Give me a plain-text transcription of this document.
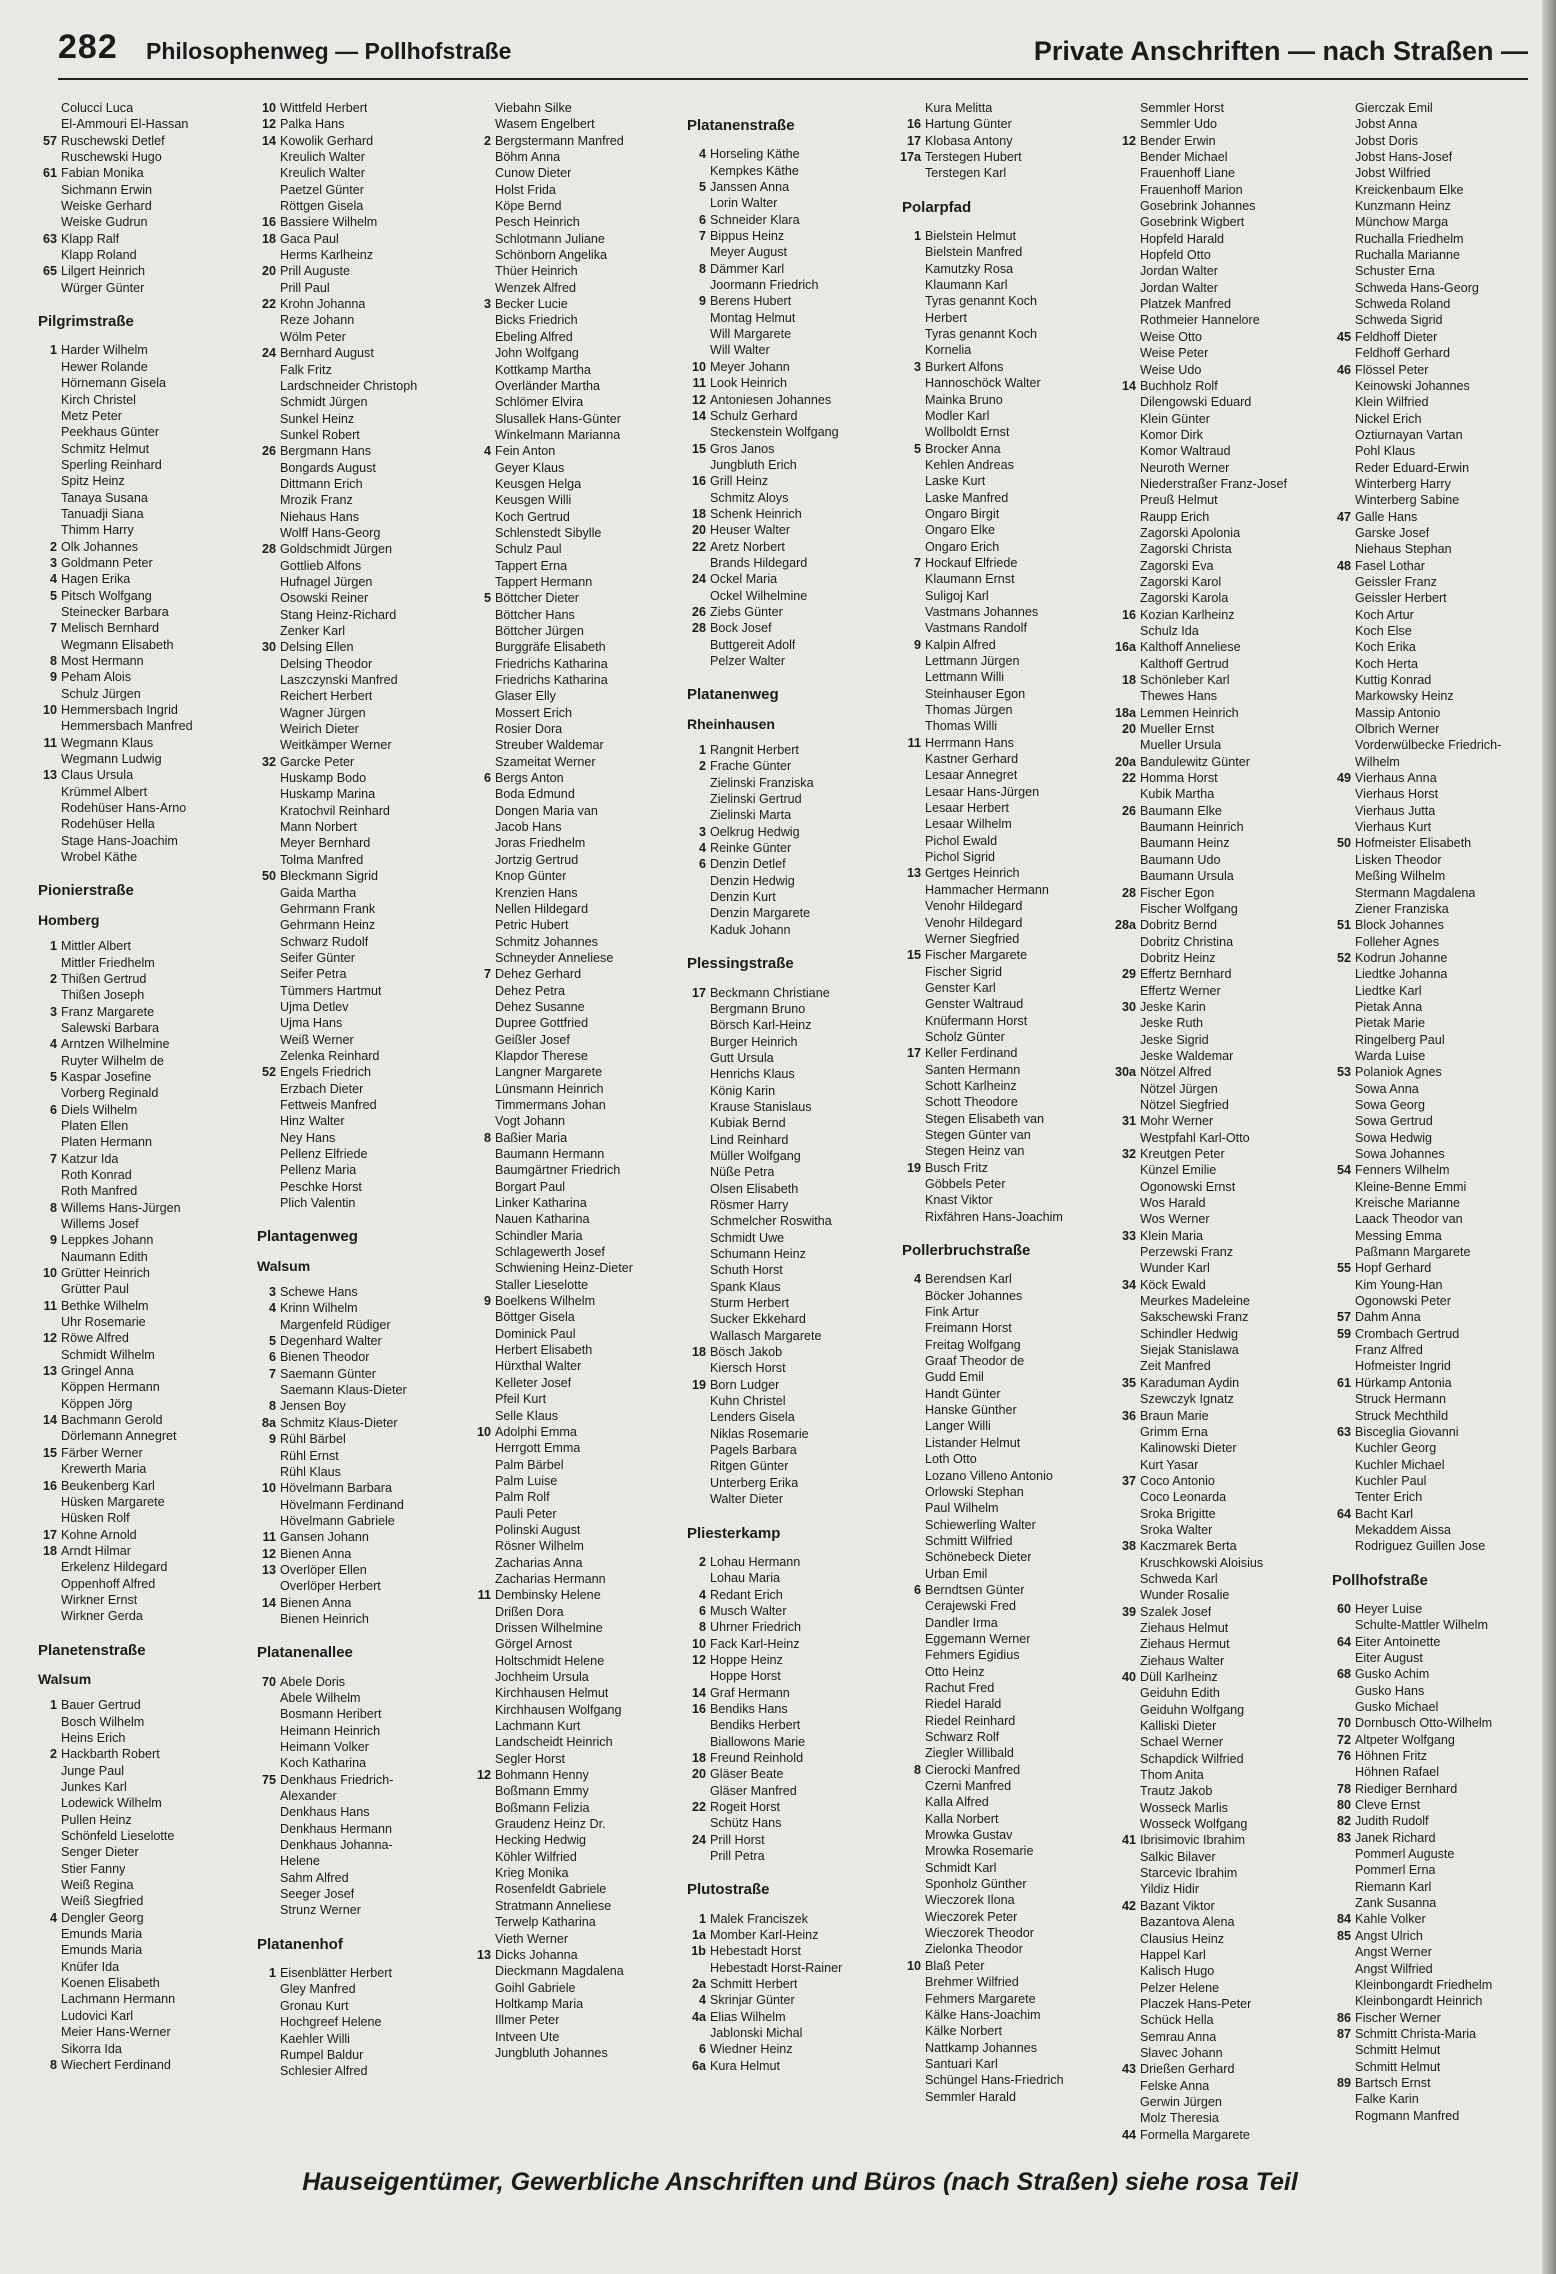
282 Philosophenweg — Pollhofstraße	Private Anschriften — nach Straßen —
Colucci Luca
El-Ammouri El-Hassan
57 Ruschewski Detlef
Ruschewski Hugo
61 Fabian Monika
Sichmann Erwin
Weiske Gerhard
Weiske Gudrun
63 Klapp Ralf
Klapp Roland
65 Lilgert Heinrich
Würger Günter
Pilgrimstraße
1 Harder Wilhelm
Hewer Rolande
Hörnemann Gisela
Kirch Christel
Metz Peter
Peekhaus Günter
Schmitz Helmut
Sperling Reinhard
Spitz Heinz
Tanaya Susana
Tanuadji Siana
Thimm Harry
2 Olk Johannes
3 Goldmann Peter
4 Hagen Erika
5 Pitsch Wolfgang
Steinecker Barbara
7 Melisch Bernhard
Wegmann Elisabeth
8 Most Hermann
9 Peham Alois
Schulz Jürgen
10 Hemmersbach Ingrid
Hemmersbach Manfred
11 Wegmann Klaus
Wegmann Ludwig
13 Claus Ursula
Krümmel Albert
Rodehüser Hans-Arno
Rodehüser Hella
Stage Hans-Joachim
Wrobel Käthe
Pionierstraße
Homberg
1 Mittler Albert
Mittler Friedhelm
2 Thißen Gertrud
Thißen Joseph
3 Franz Margarete
Salewski Barbara
4 Arntzen Wilhelmine
Ruyter Wilhelm de
5 Kaspar Josefine
Vorberg Reginald
6 Diels Wilhelm
Platen Ellen
Platen Hermann
7 Katzur Ida
Roth Konrad
Roth Manfred
8 Willems Hans-Jürgen
Willems Josef
9 Leppkes Johann
Naumann Edith
10 Grütter Heinrich
Grütter Paul
11 Bethke Wilhelm
Uhr Rosemarie
12 Röwe Alfred
Schmidt Wilhelm
13 Gringel Anna
Köppen Hermann
Köppen Jörg
14 Bachmann Gerold
Dörlemann Annegret
15 Färber Werner
Krewerth Maria
16 Beukenberg Karl
Hüsken Margarete
Hüsken Rolf
17 Kohne Arnold
18 Arndt Hilmar
Erkelenz Hildegard
Oppenhoff Alfred
Wirkner Ernst
Wirkner Gerda
Planetenstraße
Walsum
1 Bauer Gertrud
Bosch Wilhelm
Heins Erich
2 Hackbarth Robert
Junge Paul
Junkes Karl
Lodewick Wilhelm
Pullen Heinz
Schönfeld Lieselotte
Senger Dieter
Stier Fanny
Weiß Regina
Weiß Siegfried
4 Dengler Georg
Emunds Maria
Emunds Maria
Knüfer Ida
Koenen Elisabeth
Lachmann Hermann
Ludovici Karl
Meier Hans-Werner
Sikorra Ida
8 Wiechert Ferdinand
10 Wittfeld Herbert
12 Palka Hans
14 Kowolik Gerhard
Kreulich Walter
Kreulich Walter
Paetzel Günter
Röttgen Gisela
16 Bassiere Wilhelm
18 Gaca Paul
Herms Karlheinz
20 Prill Auguste
Prill Paul
22 Krohn Johanna
Reze Johann
Wölm Peter
24 Bernhard August
Falk Fritz
Lardschneider Christoph
Schmidt Jürgen
Sunkel Heinz
Sunkel Robert
26 Bergmann Hans
Bongards August
Dittmann Erich
Mrozik Franz
Niehaus Hans
Wolff Hans-Georg
28 Goldschmidt Jürgen
Gottlieb Alfons
Hufnagel Jürgen
Osowski Reiner
Stang Heinz-Richard
Zenker Karl
30 Delsing Ellen
Delsing Theodor
Laszczynski Manfred
Reichert Herbert
Wagner Jürgen
Weirich Dieter
Weitkämper Werner
32 Garcke Peter
Huskamp Bodo
Huskamp Marina
Kratochvil Reinhard
Mann Norbert
Meyer Bernhard
Tolma Manfred
50 Bleckmann Sigrid
Gaida Martha
Gehrmann Frank
Gehrmann Heinz
Schwarz Rudolf
Seifer Günter
Seifer Petra
Tümmers Hartmut
Ujma Detlev
Ujma Hans
Weiß Werner
Zelenka Reinhard
52 Engels Friedrich
Erzbach Dieter
Fettweis Manfred
Hinz Walter
Ney Hans
Pellenz Elfriede
Pellenz Maria
Peschke Horst
Plich Valentin
Plantagenweg
Walsum
3 Schewe Hans
4 Krinn Wilhelm
Margenfeld Rüdiger
5 Degenhard Walter
6 Bienen Theodor
7 Saemann Günter
Saemann Klaus-Dieter
8 Jensen Boy
8a Schmitz Klaus-Dieter
9 Rühl Bärbel
Rühl Ernst
Rühl Klaus
10 Hövelmann Barbara
Hövelmann Ferdinand
Hövelmann Gabriele
11 Gansen Johann
12 Bienen Anna
13 Overlöper Ellen
Overlöper Herbert
14 Bienen Anna
Bienen Heinrich
Platanenallee
70 Abele Doris
Abele Wilhelm
Bosmann Heribert
Heimann Heinrich
Heimann Volker
Koch Katharina
75 Denkhaus Friedrich-
Alexander
Denkhaus Hans
Denkhaus Hermann
Denkhaus Johanna-
Helene
Sahm Alfred
Seeger Josef
Strunz Werner
Platanenhof
1 Eisenblätter Herbert
Gley Manfred
Gronau Kurt
Hochgreef Helene
Kaehler Willi
Rumpel Baldur
Schlesier Alfred
Viebahn Silke
Wasem Engelbert
2 Bergstermann Manfred
Böhm Anna
Cunow Dieter
Holst Frida
Köpe Bernd
Pesch Heinrich
Schlotmann Juliane
Schönborn Angelika
Thüer Heinrich
Wenzek Alfred
3 Becker Lucie
Bicks Friedrich
Ebeling Alfred
John Wolfgang
Kottkamp Martha
Overländer Martha
Schlömer Elvira
Slusallek Hans-Günter
Winkelmann Marianna
4 Fein Anton
Geyer Klaus
Keusgen Helga
Keusgen Willi
Koch Gertrud
Schlenstedt Sibylle
Schulz Paul
Tappert Erna
Tappert Hermann
5 Böttcher Dieter
Böttcher Hans
Böttcher Jürgen
Burggräfe Elisabeth
Friedrichs Katharina
Friedrichs Katharina
Glaser Elly
Mossert Erich
Rosier Dora
Streuber Waldemar
Szameitat Werner
6 Bergs Anton
Boda Edmund
Dongen Maria van
Jacob Hans
Joras Friedhelm
Jortzig Gertrud
Knop Günter
Krenzien Hans
Nellen Hildegard
Petric Hubert
Schmitz Johannes
Schneyder Anneliese
7 Dehez Gerhard
Dehez Petra
Dehez Susanne
Dupree Gottfried
Geißler Josef
Klapdor Therese
Langner Margarete
Lünsmann Heinrich
Timmermans Johan
Vogt Johann
8 Baßier Maria
Baumann Hermann
Baumgärtner Friedrich
Borgart Paul
Linker Katharina
Nauen Katharina
Schindler Maria
Schlagewerth Josef
Schwiening Heinz-Dieter
Staller Lieselotte
9 Boelkens Wilhelm
Böttger Gisela
Dominick Paul
Herbert Elisabeth
Hürxthal Walter
Kelleter Josef
Pfeil Kurt
Selle Klaus
10 Adolphi Emma
Herrgott Emma
Palm Bärbel
Palm Luise
Palm Rolf
Pauli Peter
Polinski August
Rösner Wilhelm
Zacharias Anna
Zacharias Hermann
11 Dembinsky Helene
Drißen Dora
Drissen Wilhelmine
Görgel Arnost
Holtschmidt Helene
Jochheim Ursula
Kirchhausen Helmut
Kirchhausen Wolfgang
Lachmann Kurt
Landscheidt Heinrich
Segler Horst
12 Bohmann Henny
Boßmann Emmy
Boßmann Felizia
Graudenz Heinz Dr.
Hecking Hedwig
Köhler Wilfried
Krieg Monika
Rosenfeldt Gabriele
Stratmann Anneliese
Terwelp Katharina
Vieth Werner
13 Dicks Johanna
Dieckmann Magdalena
Goihl Gabriele
Holtkamp Maria
Illmer Peter
Intveen Ute
Jungbluth Johannes
Platanenstraße
4 Horseling Käthe
Kempkes Käthe
5 Janssen Anna
Lorin Walter
6 Schneider Klara
7 Bippus Heinz
Meyer August
8 Dämmer Karl
Joormann Friedrich
9 Berens Hubert
Montag Helmut
Will Margarete
Will Walter
10 Meyer Johann
11 Look Heinrich
12 Antoniesen Johannes
14 Schulz Gerhard
Steckenstein Wolfgang
15 Gros Janos
Jungbluth Erich
16 Grill Heinz
Schmitz Aloys
18 Schenk Heinrich
20 Heuser Walter
22 Aretz Norbert
Brands Hildegard
24 Ockel Maria
Ockel Wilhelmine
26 Ziebs Günter
28 Bock Josef
Buttgereit Adolf
Pelzer Walter
Platanenweg
Rheinhausen
1 Rangnit Herbert
2 Frache Günter
Zielinski Franziska
Zielinski Gertrud
Zielinski Marta
3 Oelkrug Hedwig
4 Reinke Günter
6 Denzin Detlef
Denzin Hedwig
Denzin Kurt
Denzin Margarete
Kaduk Johann
Plessingstraße
17 Beckmann Christiane
Bergmann Bruno
Börsch Karl-Heinz
Burger Heinrich
Gutt Ursula
Henrichs Klaus
König Karin
Krause Stanislaus
Kubiak Bernd
Lind Reinhard
Müller Wolfgang
Nüße Petra
Olsen Elisabeth
Rösmer Harry
Schmelcher Roswitha
Schmidt Uwe
Schumann Heinz
Schuth Horst
Spank Klaus
Sturm Herbert
Sucker Ekkehard
Wallasch Margarete
18 Bösch Jakob
Kiersch Horst
19 Born Ludger
Kuhn Christel
Lenders Gisela
Niklas Rosemarie
Pagels Barbara
Ritgen Günter
Unterberg Erika
Walter Dieter
Pliesterkamp
2 Lohau Hermann
Lohau Maria
4 Redant Erich
6 Musch Walter
8 Uhrner Friedrich
10 Fack Karl-Heinz
12 Hoppe Heinz
Hoppe Horst
14 Graf Hermann
16 Bendiks Hans
Bendiks Herbert
Biallowons Marie
18 Freund Reinhold
20 Gläser Beate
Gläser Manfred
22 Rogeit Horst
Schütz Hans
24 Prill Horst
Prill Petra
Plutostraße
1 Malek Franciszek
1a Momber Karl-Heinz
1b Hebestadt Horst
Hebestadt Horst-Rainer
2a Schmitt Herbert
4 Skrinjar Günter
4a Elias Wilhelm
Jablonski Michal
6 Wiedner Heinz
6a Kura Helmut
Kura Melitta
16 Hartung Günter
17 Klobasa Antony
17a Terstegen Hubert
Terstegen Karl
Polarpfad
1 Bielstein Helmut
Bielstein Manfred
Kamutzky Rosa
Klaumann Karl
Tyras genannt Koch
Herbert
Tyras genannt Koch
Kornelia
3 Burkert Alfons
Hannoschöck Walter
Mainka Bruno
Modler Karl
Wollboldt Ernst
5 Brocker Anna
Kehlen Andreas
Laske Kurt
Laske Manfred
Ongaro Birgit
Ongaro Elke
Ongaro Erich
7 Hockauf Elfriede
Klaumann Ernst
Suligoj Karl
Vastmans Johannes
Vastmans Randolf
9 Kalpin Alfred
Lettmann Jürgen
Lettmann Willi
Steinhauser Egon
Thomas Jürgen
Thomas Willi
11 Herrmann Hans
Kastner Gerhard
Lesaar Annegret
Lesaar Hans-Jürgen
Lesaar Herbert
Lesaar Wilhelm
Pichol Ewald
Pichol Sigrid
13 Gertges Heinrich
Hammacher Hermann
Venohr Hildegard
Venohr Hildegard
Werner Siegfried
15 Fischer Margarete
Fischer Sigrid
Genster Karl
Genster Waltraud
Knüfermann Horst
Scholz Günter
17 Keller Ferdinand
Santen Hermann
Schott Karlheinz
Schott Theodore
Stegen Elisabeth van
Stegen Günter van
Stegen Heinz van
19 Busch Fritz
Göbbels Peter
Knast Viktor
Rixfähren Hans-Joachim
Pollerbruchstraße
4 Berendsen Karl
Böcker Johannes
Fink Artur
Freimann Horst
Freitag Wolfgang
Graaf Theodor de
Gudd Emil
Handt Günter
Hanske Günther
Langer Willi
Listander Helmut
Loth Otto
Lozano Villeno Antonio
Orlowski Stephan
Paul Wilhelm
Schiewerling Walter
Schmitt Wilfried
Schönebeck Dieter
Urban Emil
6 Berndtsen Günter
Cerajewski Fred
Dandler Irma
Eggemann Werner
Fehmers Egidius
Otto Heinz
Rachut Fred
Riedel Harald
Riedel Reinhard
Schwarz Rolf
Ziegler Willibald
8 Cierocki Manfred
Czerni Manfred
Kalla Alfred
Kalla Norbert
Mrowka Gustav
Mrowka Rosemarie
Schmidt Karl
Sponholz Günther
Wieczorek Ilona
Wieczorek Peter
Wieczorek Theodor
Zielonka Theodor
10 Blaß Peter
Brehmer Wilfried
Fehmers Margarete
Kälke Hans-Joachim
Kälke Norbert
Nattkamp Johannes
Santuari Karl
Schüngel Hans-Friedrich
Semmler Harald
Semmler Horst
Semmler Udo
12 Bender Erwin
Bender Michael
Frauenhoff Liane
Frauenhoff Marion
Gosebrink Johannes
Gosebrink Wigbert
Hopfeld Harald
Hopfeld Otto
Jordan Walter
Jordan Walter
Platzek Manfred
Rothmeier Hannelore
Weise Otto
Weise Peter
Weise Udo
14 Buchholz Rolf
Dilengowski Eduard
Klein Günter
Komor Dirk
Komor Waltraud
Neuroth Werner
Niederstraßer Franz-Josef
Preuß Helmut
Raupp Erich
Zagorski Apolonia
Zagorski Christa
Zagorski Eva
Zagorski Karol
Zagorski Karola
16 Kozian Karlheinz
Schulz Ida
16a Kalthoff Anneliese
Kalthoff Gertrud
18 Schönleber Karl
Thewes Hans
18a Lemmen Heinrich
20 Mueller Ernst
Mueller Ursula
20a Bandulewitz Günter
22 Homma Horst
Kubik Martha
26 Baumann Elke
Baumann Heinrich
Baumann Heinz
Baumann Udo
Baumann Ursula
28 Fischer Egon
Fischer Wolfgang
28a Dobritz Bernd
Dobritz Christina
Dobritz Heinz
29 Effertz Bernhard
Effertz Werner
30 Jeske Karin
Jeske Ruth
Jeske Sigrid
Jeske Waldemar
30a Nötzel Alfred
Nötzel Jürgen
Nötzel Siegfried
31 Mohr Werner
Westpfahl Karl-Otto
32 Kreutgen Peter
Künzel Emilie
Ogonowski Ernst
Wos Harald
Wos Werner
33 Klein Maria
Perzewski Franz
Wunder Karl
34 Köck Ewald
Meurkes Madeleine
Sakschewski Franz
Schindler Hedwig
Siejak Stanislawa
Zeit Manfred
35 Karaduman Aydin
Szewczyk Ignatz
36 Braun Marie
Grimm Erna
Kalinowski Dieter
Kurt Yasar
37 Coco Antonio
Coco Leonarda
Sroka Brigitte
Sroka Walter
38 Kaczmarek Berta
Kruschkowski Aloisius
Schweda Karl
Wunder Rosalie
39 Szalek Josef
Ziehaus Helmut
Ziehaus Hermut
Ziehaus Walter
40 Düll Karlheinz
Geiduhn Edith
Geiduhn Wolfgang
Kalliski Dieter
Schael Werner
Schapdick Wilfried
Thom Anita
Trautz Jakob
Wosseck Marlis
Wosseck Wolfgang
41 Ibrisimovic Ibrahim
Salkic Bilaver
Starcevic Ibrahim
Yildiz Hidir
42 Bazant Viktor
Bazantova Alena
Clausius Heinz
Happel Karl
Kalisch Hugo
Pelzer Helene
Placzek Hans-Peter
Schück Hella
Semrau Anna
Slavec Johann
43 Drießen Gerhard
Felske Anna
Gerwin Jürgen
Molz Theresia
44 Formella Margarete
Gierczak Emil
Jobst Anna
Jobst Doris
Jobst Hans-Josef
Jobst Wilfried
Kreickenbaum Elke
Kunzmann Heinz
Münchow Marga
Ruchalla Friedhelm
Ruchalla Marianne
Schuster Erna
Schweda Hans-Georg
Schweda Roland
Schweda Sigrid
45 Feldhoff Dieter
Feldhoff Gerhard
46 Flössel Peter
Keinowski Johannes
Klein Wilfried
Nickel Erich
Oztiurnayan Vartan
Pohl Klaus
Reder Eduard-Erwin
Winterberg Harry
Winterberg Sabine
47 Galle Hans
Garske Josef
Niehaus Stephan
48 Fasel Lothar
Geissler Franz
Geissler Herbert
Koch Artur
Koch Else
Koch Erika
Koch Herta
Kuttig Konrad
Markowsky Heinz
Massip Antonio
Olbrich Werner
Vorderwülbecke Friedrich-
Wilhelm
49 Vierhaus Anna
Vierhaus Horst
Vierhaus Jutta
Vierhaus Kurt
50 Hofmeister Elisabeth
Lisken Theodor
Meßing Wilhelm
Stermann Magdalena
Ziener Franziska
51 Block Johannes
Folleher Agnes
52 Kodrun Johanne
Liedtke Johanna
Liedtke Karl
Pietak Anna
Pietak Marie
Ringelberg Paul
Warda Luise
53 Polaniok Agnes
Sowa Anna
Sowa Georg
Sowa Gertrud
Sowa Hedwig
Sowa Johannes
54 Fenners Wilhelm
Kleine-Benne Emmi
Kreische Marianne
Laack Theodor van
Messing Emma
Paßmann Margarete
55 Hopf Gerhard
Kim Young-Han
Ogonowski Peter
57 Dahm Anna
59 Crombach Gertrud
Franz Alfred
Hofmeister Ingrid
61 Hürkamp Antonia
Struck Hermann
Struck Mechthild
63 Bisceglia Giovanni
Kuchler Georg
Kuchler Michael
Kuchler Paul
Tenter Erich
64 Bacht Karl
Mekaddem Aissa
Rodriguez Guillen Jose
Pollhofstraße
60 Heyer Luise
Schulte-Mattler Wilhelm
64 Eiter Antoinette
Eiter August
68 Gusko Achim
Gusko Hans
Gusko Michael
70 Dornbusch Otto-Wilhelm
72 Altpeter Wolfgang
76 Höhnen Fritz
Höhnen Rafael
78 Riediger Bernhard
80 Cleve Ernst
82 Judith Rudolf
83 Janek Richard
Pommerl Auguste
Pommerl Erna
Riemann Karl
Zank Susanna
84 Kahle Volker
85 Angst Ulrich
Angst Werner
Angst Wilfried
Kleinbongardt Friedhelm
Kleinbongardt Heinrich
86 Fischer Werner
87 Schmitt Christa-Maria
Schmitt Helmut
Schmitt Helmut
89 Bartsch Ernst
Falke Karin
Rogmann Manfred
Hauseigentümer, Gewerbliche Anschriften und Büros (nach Straßen) siehe rosa Teil
